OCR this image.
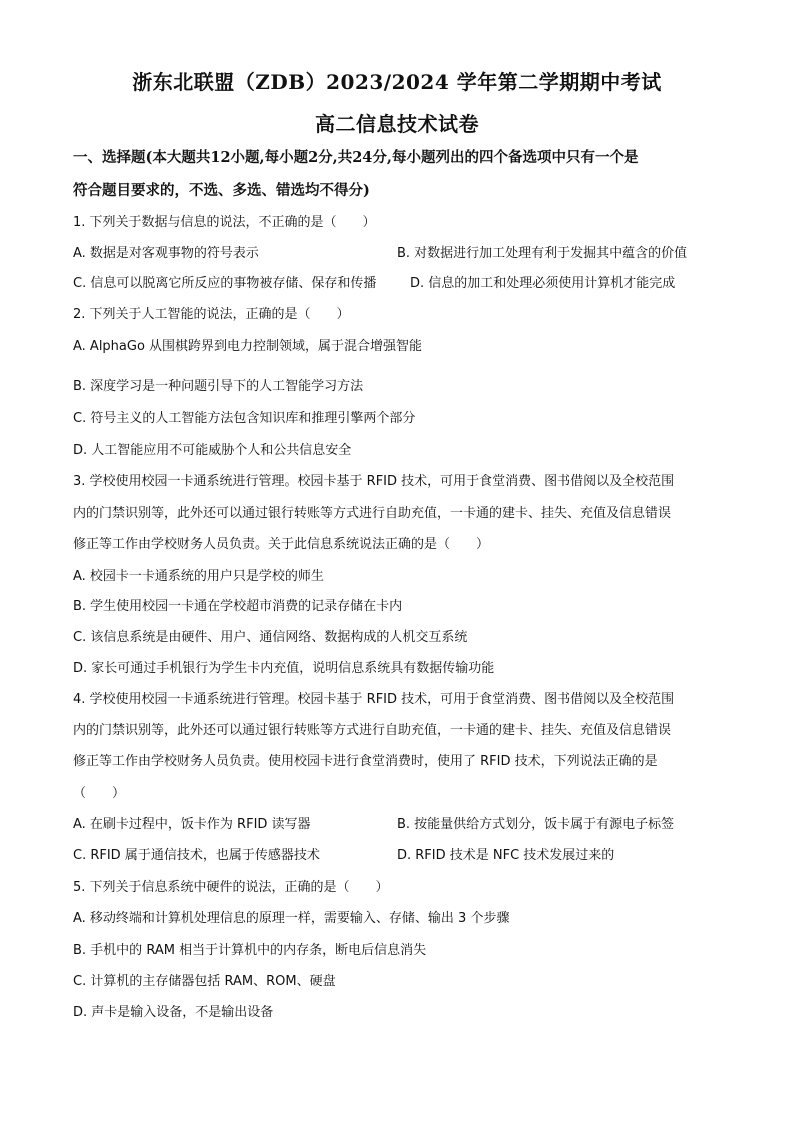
浙东北联盟（ZDB）2023/2024 学年第二学期期中考试
高二信息技术试卷
一、选择题(本大题共12小题,每小题2分,共24分,每小题列出的四个备选项中只有一个是
符合题目要求的，不选、多选、错选均不得分)
1. 下列关于数据与信息的说法，不正确的是（　　）
A. 数据是对客观事物的符号表示	B. 对数据进行加工处理有利于发掘其中蕴含的价值
C. 信息可以脱离它所反应的事物被存储、保存和传播	D. 信息的加工和处理必须使用计算机才能完成
2. 下列关于人工智能的说法，正确的是（　　）
A. AlphaGo 从围棋跨界到电力控制领域，属于混合增强智能
B. 深度学习是一种问题引导下的人工智能学习方法
C. 符号主义的人工智能方法包含知识库和推理引擎两个部分
D. 人工智能应用不可能威胁个人和公共信息安全
3. 学校使用校园一卡通系统进行管理。校园卡基于 RFID 技术，可用于食堂消费、图书借阅以及全校范围
内的门禁识别等，此外还可以通过银行转账等方式进行自助充值，一卡通的建卡、挂失、充值及信息错误
修正等工作由学校财务人员负责。关于此信息系统说法正确的是（　　）
A. 校园卡一卡通系统的用户只是学校的师生
B. 学生使用校园一卡通在学校超市消费的记录存储在卡内
C. 该信息系统是由硬件、用户、通信网络、数据构成的人机交互系统
D. 家长可通过手机银行为学生卡内充值，说明信息系统具有数据传输功能
4. 学校使用校园一卡通系统进行管理。校园卡基于 RFID 技术，可用于食堂消费、图书借阅以及全校范围
内的门禁识别等，此外还可以通过银行转账等方式进行自助充值，一卡通的建卡、挂失、充值及信息错误
修正等工作由学校财务人员负责。使用校园卡进行食堂消费时，使用了 RFID 技术，下列说法正确的是
（　　）
A. 在刷卡过程中，饭卡作为 RFID 读写器	B. 按能量供给方式划分，饭卡属于有源电子标签
C. RFID 属于通信技术，也属于传感器技术	D. RFID 技术是 NFC 技术发展过来的
5. 下列关于信息系统中硬件的说法，正确的是（　　）
A. 移动终端和计算机处理信息的原理一样，需要输入、存储、输出 3 个步骤
B. 手机中的 RAM 相当于计算机中的内存条，断电后信息消失
C. 计算机的主存储器包括 RAM、ROM、硬盘
D. 声卡是输入设备，不是输出设备
